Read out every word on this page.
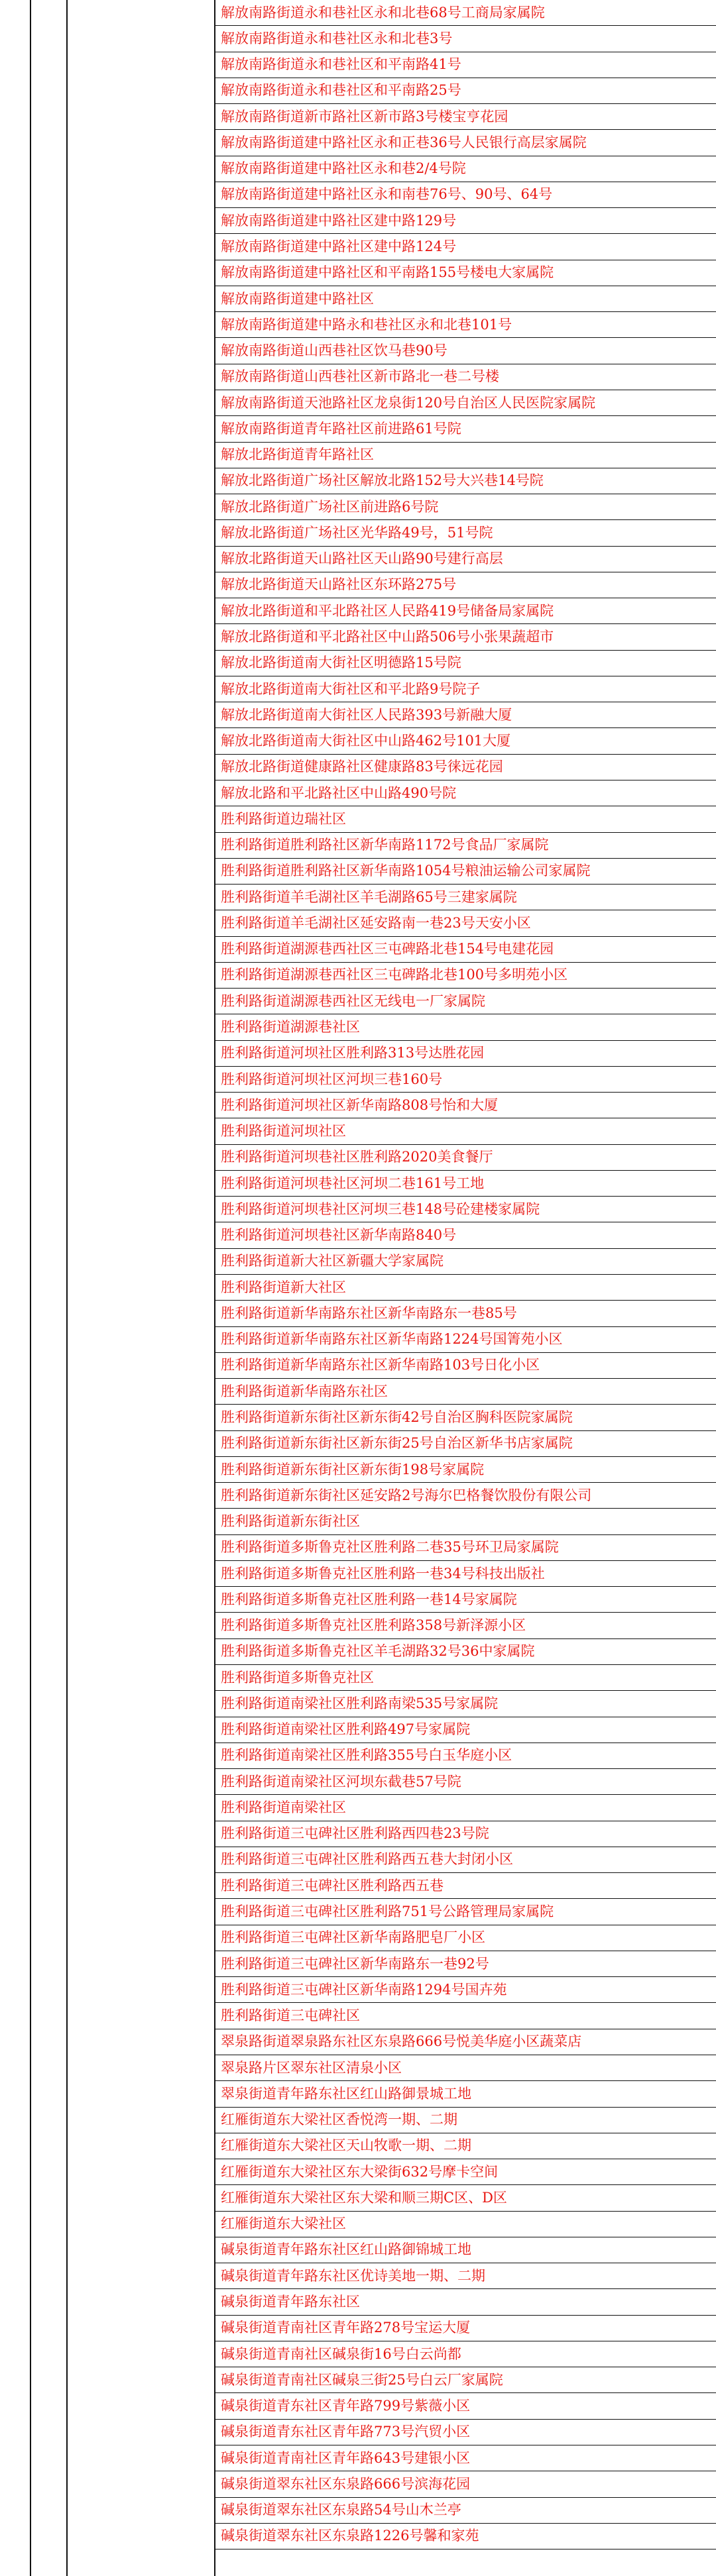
解放南路街道永和巷社区永和北巷68号工商局家属院
解放南路街道永和巷社区永和北巷3号
解放南路街道永和巷社区和平南路41号
解放南路街道永和巷社区和平南路25号
解放南路街道新市路社区新市路3号楼宝亨花园
解放南路街道建中路社区永和正巷36号人民银行高层家属院
解放南路街道建中路社区永和巷2/4号院
解放南路街道建中路社区永和南巷76号、90号、64号
解放南路街道建中路社区建中路129号
解放南路街道建中路社区建中路124号
解放南路街道建中路社区和平南路155号楼电大家属院
解放南路街道建中路社区
解放南路街道建中路永和巷社区永和北巷101号
解放南路街道山西巷社区饮马巷90号
解放南路街道山西巷社区新市路北一巷二号楼
解放南路街道天池路社区龙泉街120号自治区人民医院家属院
解放南路街道青年路社区前进路61号院
解放北路街道青年路社区
解放北路街道广场社区解放北路152号大兴巷14号院
解放北路街道广场社区前进路6号院
解放北路街道广场社区光华路49号，51号院
解放北路街道天山路社区天山路90号建行高层
解放北路街道天山路社区东环路275号
解放北路街道和平北路社区人民路419号储备局家属院
解放北路街道和平北路社区中山路506号小张果蔬超市
解放北路街道南大街社区明德路15号院
解放北路街道南大街社区和平北路9号院子
解放北路街道南大街社区人民路393号新融大厦
解放北路街道南大街社区中山路462号101大厦
解放北路街道健康路社区健康路83号徕远花园
解放北路和平北路社区中山路490号院
胜利路街道边瑞社区
胜利路街道胜利路社区新华南路1172号食品厂家属院
胜利路街道胜利路社区新华南路1054号粮油运输公司家属院
胜利路街道羊毛湖社区羊毛湖路65号三建家属院
胜利路街道羊毛湖社区延安路南一巷23号天安小区
胜利路街道湖源巷西社区三屯碑路北巷154号电建花园
胜利路街道湖源巷西社区三屯碑路北巷100号多明苑小区
胜利路街道湖源巷西社区无线电一厂家属院
胜利路街道湖源巷社区
胜利路街道河坝社区胜利路313号达胜花园
胜利路街道河坝社区河坝三巷160号
胜利路街道河坝社区新华南路808号怡和大厦
胜利路街道河坝社区
胜利路街道河坝巷社区胜利路2020美食餐厅
胜利路街道河坝巷社区河坝二巷161号工地
胜利路街道河坝巷社区河坝三巷148号砼建楼家属院
胜利路街道河坝巷社区新华南路840号
胜利路街道新大社区新疆大学家属院
胜利路街道新大社区
胜利路街道新华南路东社区新华南路东一巷85号
胜利路街道新华南路东社区新华南路1224号国箐苑小区
胜利路街道新华南路东社区新华南路103号日化小区
胜利路街道新华南路东社区
胜利路街道新东街社区新东街42号自治区胸科医院家属院
胜利路街道新东街社区新东街25号自治区新华书店家属院
胜利路街道新东街社区新东街198号家属院
胜利路街道新东街社区延安路2号海尔巴格餐饮股份有限公司
胜利路街道新东街社区
胜利路街道多斯鲁克社区胜利路二巷35号环卫局家属院
胜利路街道多斯鲁克社区胜利路一巷34号科技出版社
胜利路街道多斯鲁克社区胜利路一巷14号家属院
胜利路街道多斯鲁克社区胜利路358号新泽源小区
胜利路街道多斯鲁克社区羊毛湖路32号36中家属院
胜利路街道多斯鲁克社区
胜利路街道南梁社区胜利路南梁535号家属院
胜利路街道南梁社区胜利路497号家属院
胜利路街道南梁社区胜利路355号白玉华庭小区
胜利路街道南梁社区河坝东截巷57号院
胜利路街道南梁社区
胜利路街道三屯碑社区胜利路西四巷23号院
胜利路街道三屯碑社区胜利路西五巷大封闭小区
胜利路街道三屯碑社区胜利路西五巷
胜利路街道三屯碑社区胜利路751号公路管理局家属院
胜利路街道三屯碑社区新华南路肥皂厂小区
胜利路街道三屯碑社区新华南路东一巷92号
胜利路街道三屯碑社区新华南路1294号国卉苑
胜利路街道三屯碑社区
翠泉路街道翠泉路东社区东泉路666号悦美华庭小区蔬菜店
翠泉路片区翠东社区清泉小区
翠泉街道青年路东社区红山路御景城工地
红雁街道东大梁社区香悦湾一期、二期
红雁街道东大梁社区天山牧歌一期、二期
红雁街道东大梁社区东大梁街632号摩卡空间
红雁街道东大梁社区东大梁和顺三期C区、D区
红雁街道东大梁社区
碱泉街道青年路东社区红山路御锦城工地
碱泉街道青年路东社区优诗美地一期、二期
碱泉街道青年路东社区
碱泉街道青南社区青年路278号宝运大厦
碱泉街道青南社区碱泉街16号白云尚都
碱泉街道青南社区碱泉三街25号白云厂家属院
碱泉街道青东社区青年路799号紫薇小区
碱泉街道青东社区青年路773号汽贸小区
碱泉街道青南社区青年路643号建银小区
碱泉街道翠东社区东泉路666号滨海花园
碱泉街道翠东社区东泉路54号山木兰亭
碱泉街道翠东社区东泉路1226号馨和家苑
